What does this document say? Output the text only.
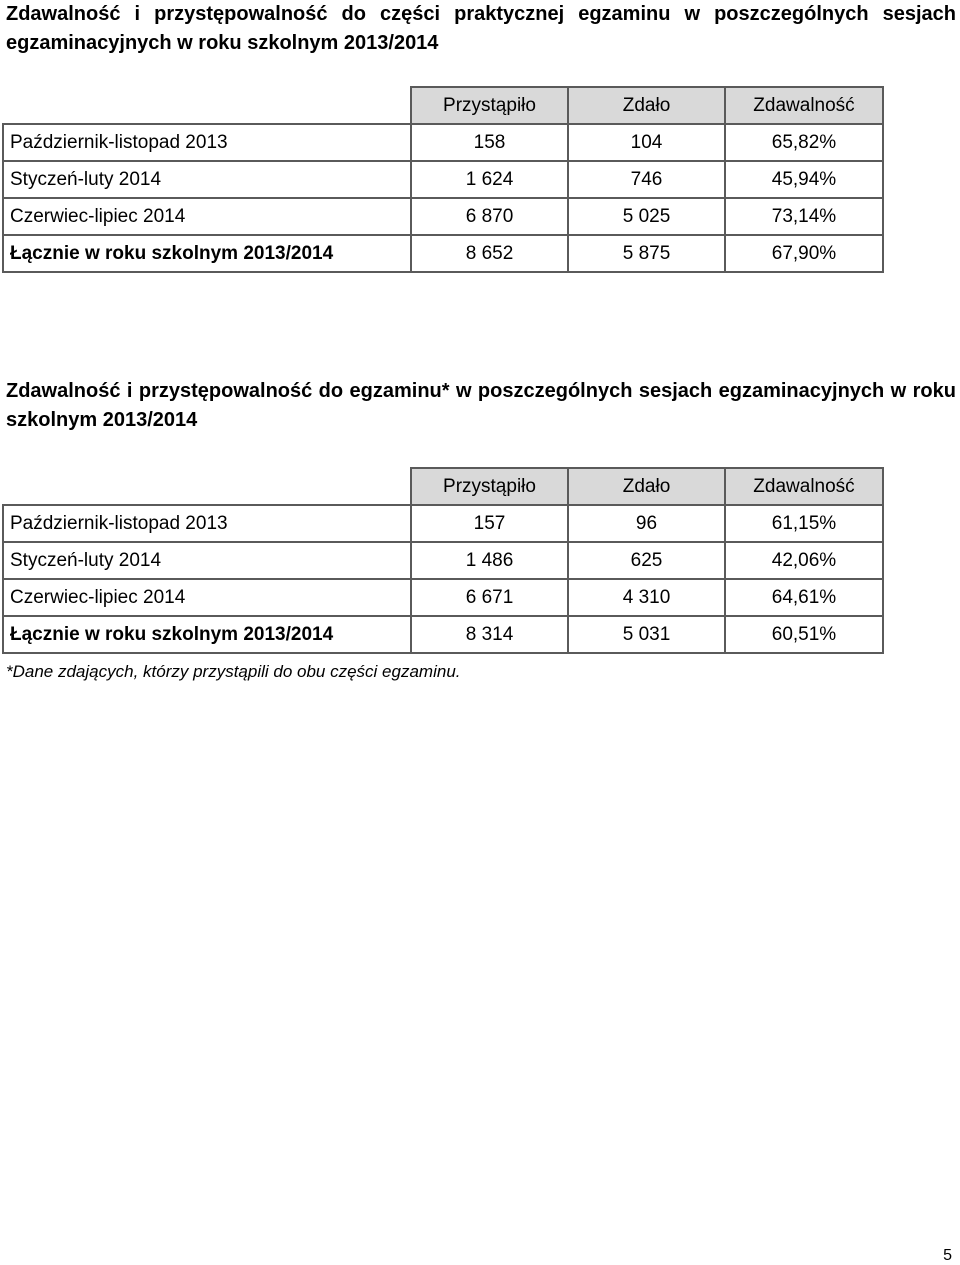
Zdawalność i przystępowalność do części praktycznej egzaminu w poszczególnych sesjach egzaminacyjnych w roku szkolnym 2013/2014
	Przystąpiło	Zdało	Zdawalność
Październik-listopad 2013	158	104	65,82%
Styczeń-luty 2014	1 624	746	45,94%
Czerwiec-lipiec 2014	6 870	5 025	73,14%
Łącznie w roku szkolnym 2013/2014	8 652	5 875	67,90%
Zdawalność i przystępowalność do egzaminu* w poszczególnych sesjach egzaminacyjnych w roku szkolnym 2013/2014
	Przystąpiło	Zdało	Zdawalność
Październik-listopad 2013	157	96	61,15%
Styczeń-luty 2014	1 486	625	42,06%
Czerwiec-lipiec 2014	6 671	4 310	64,61%
Łącznie w roku szkolnym 2013/2014	8 314	5 031	60,51%
*Dane zdających, którzy przystąpili do obu części egzaminu.
5
